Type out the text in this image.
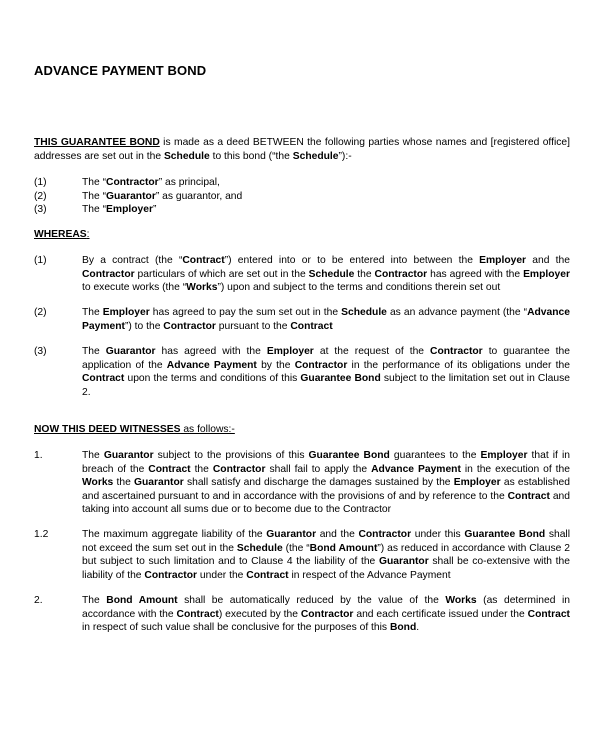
ADVANCE PAYMENT BOND
THIS GUARANTEE BOND is made as a deed BETWEEN the following parties whose names and [registered office] addresses are set out in the Schedule to this bond (“the Schedule”):-
(1)	The “Contractor” as principal,
(2)	The “Guarantor” as guarantor, and
(3)	The “Employer”
WHEREAS:
(1)	By a contract (the “Contract”) entered into or to be entered into between the Employer and the Contractor particulars of which are set out in the Schedule the Contractor has agreed with the Employer to execute works (the “Works”) upon and subject to the terms and conditions therein set out
(2)	The Employer has agreed to pay the sum set out in the Schedule as an advance payment (the “Advance Payment”) to the Contractor pursuant to the Contract
(3)	The Guarantor has agreed with the Employer at the request of the Contractor to guarantee the application of the Advance Payment by the Contractor in the performance of its obligations under the Contract upon the terms and conditions of this Guarantee Bond subject to the limitation set out in Clause 2.
NOW THIS DEED WITNESSES as follows:-
1.	The Guarantor subject to the provisions of this Guarantee Bond guarantees to the Employer that if in breach of the Contract the Contractor shall fail to apply the Advance Payment in the execution of the Works the Guarantor shall satisfy and discharge the damages sustained by the Employer as established and ascertained pursuant to and in accordance with the provisions of and by reference to the Contract and taking into account all sums due or to become due to the Contractor
1.2	The maximum aggregate liability of the Guarantor and the Contractor under this Guarantee Bond shall not exceed the sum set out in the Schedule (the “Bond Amount”) as reduced in accordance with Clause 2 but subject to such limitation and to Clause 4 the liability of the Guarantor shall be co-extensive with the liability of the Contractor under the Contract in respect of the Advance Payment
2.	The Bond Amount shall be automatically reduced by the value of the Works (as determined in accordance with the Contract) executed by the Contractor and each certificate issued under the Contract in respect of such value shall be conclusive for the purposes of this Bond.
